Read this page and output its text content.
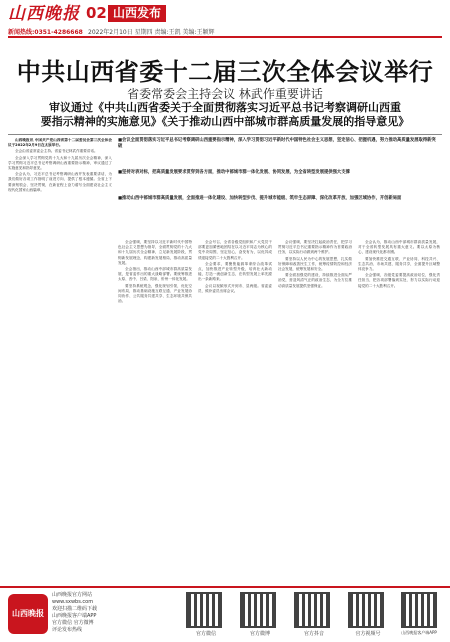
山西晚报 02 山西发布
新闻热线:0351-4286668 2022年2月10日 星期四 责编:王凯 美编:王颖辉
中共山西省委十二届三次全体会议举行
省委常委会主持会议 林武作重要讲话
审议通过《中共山西省委关于全面贯彻落实习近平总书记考察调研山西重
要指示精神的实施意见》《关于推动山西中部城市群高质量发展的指导意见》

山西晚报讯 中国共产党山西省第十二届委员会第三次全体会议于2022年2月9日在太原举行。

全会由省委常委会主持。省委书记林武作重要讲话。

全会深入学习贯彻党的十九大和十九届历次全会精神，深入学习贯彻习近平总书记考察调研山西重要指示精神，审议通过了实施意见和指导意见。

全会认为，习近平总书记考察调研山西并发表重要讲话，为我们做好各项工作指明了前进方向、提供了根本遵循。全省上下要深刻领会、坚决贯彻，在新征程上奋力谱写全面建设社会主义现代化国家山西篇章。

■会议全面贯彻落实习近平总书记考察调研山西重要指示精神，深入学习贯彻习近平新时代中国特色社会主义思想，坚定信心、把握机遇，努力推动高质量发展取得新突破
■坚持对表对标，把高质量发展要求贯穿到各方面，推动中部城市群一体化发展、协同发展，为全省转型发展提供强大支撑
■推动山西中部城市群高质量发展，全面推进一体化建设、加快转型步伐、提升城市能级、筑牢生态屏障、深化改革开放、加强区域协作，开创新局面

全会强调，要坚持以习近平新时代中国特色社会主义思想为指导，全面贯彻党的十九大和十九届历次全会精神，立足新发展阶段，贯彻新发展理念，构建新发展格局，推动高质量发展。

全会指出，推动山西中部城市群高质量发展，是省委作出的重大战略部署。要统筹推进太原、晋中、吕梁、阳泉、忻州一体化发展。

要坚持系统观念，强化规划引领，优化空间布局，推动基础设施互联互通、产业发展协同协作、公共服务共建共享、生态环境共保共治。

全会号召，全省各级党组织和广大党员干部要更加紧密地团结在以习近平同志为核心的党中央周围，坚定信心，奋发有为，以优异成绩迎接党的二十大胜利召开。

全会要求，要聚焦能源革命综合改革试点，加快推进产业转型升级，培育壮大新动能，打造一流创新生态，在转型发展上率先蹚出一条新路来。

会议以视频形式开到市、县两级。省委委员、候补委员出席会议。

会议强调，要坚决扛起政治责任，把学习贯彻习近平总书记重要指示精神作为首要政治任务，以实际行动做到两个维护。

要坚持以人民为中心的发展思想，扎实做好保障和改善民生工作，统筹疫情防控和经济社会发展，统筹发展和安全。

要全面加强党的建设，持续推进全面从严治党，营造风清气正的政治生态，为全方位推动高质量发展提供坚强保证。

全会认为，推动山西中部城市群高质量发展，对于全省转型发展具有重大意义。要以太原为核心，建设现代化都市圈。

要加快推进交通互联、产业协同、科技共兴、生态共治、市场共建、服务共享，全面提升区域整体竞争力。

全会强调，各级党委要提高政治站位，强化责任担当，把各项部署落到实处，努力以实际行动迎接党的二十大胜利召开。

山西晚报
山西晚报官方网站
www.sxwbs.com
欢迎扫描二维码下载
山西晚报客户端APP
官方微信 官方微博
评论发布热线
官方微信	官方微博	官方抖音	官方视频号	山西晚报客户端APP
